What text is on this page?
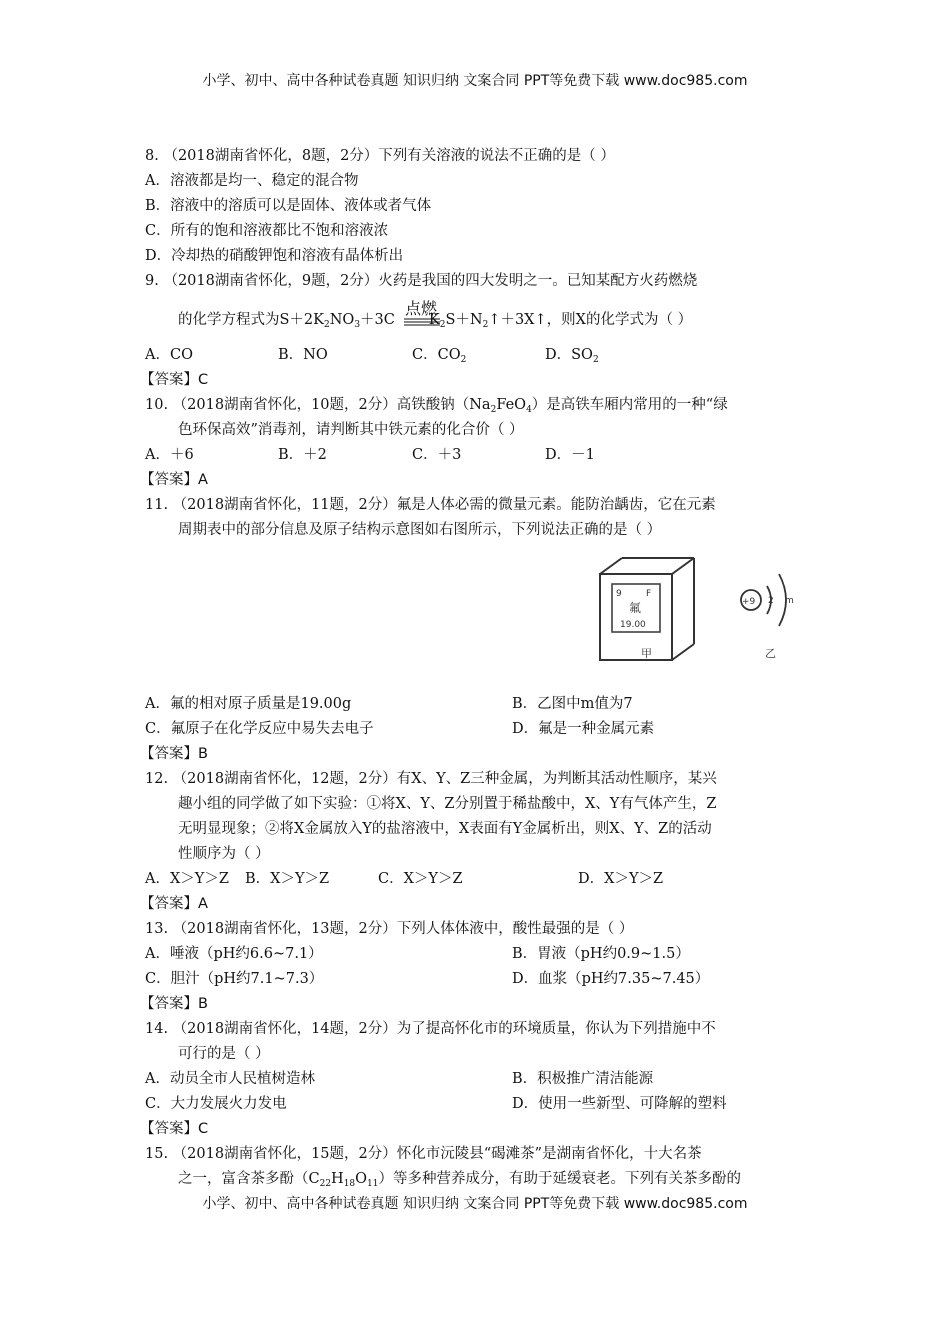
小学、初中、高中各种试卷真题 知识归纳 文案合同 PPT等免费下载 www.doc985.com
8. （2018湖南省怀化，8题，2分）下列有关溶液的说法不正确的是（ ）
A．溶液都是均一、稳定的混合物
B．溶液中的溶质可以是固体、液体或者气体
C．所有的饱和溶液都比不饱和溶液浓
D．冷却热的硝酸钾饱和溶液有晶体析出
9. （2018湖南省怀化，9题，2分）火药是我国的四大发明之一。已知某配方火药燃烧
的化学方程式为$S+2K_2NO_3+3C$ $K_2S+N_2↑+3X↑$，则X的化学式为（ ）
点燃
A．CO	B．NO	C．$CO_2$	D．$SO_2$
【答案】C
10. （2018湖南省怀化，10题，2分）高铁酸钠$(Na_2FeO_4)$是高铁车厢内常用的一种“绿
色环保高效”消毒剂，请判断其中铁元素的化合价（ ）
A．＋6	B．＋2	C．＋3	D．－1
【答案】A
11. （2018湖南省怀化，11题，2分）氟是人体必需的微量元素。能防治龋齿，它在元素
周期表中的部分信息及原子结构示意图如右图所示，下列说法正确的是（ ）
9	F
氟
19.00
+9 2 m
甲	乙
A．氟的相对原子质量是19.00g	B．乙图中m值为7
C．氟原子在化学反应中易失去电子	D．氟是一种金属元素
【答案】B
12. （2018湖南省怀化，12题，2分）有X、Y、Z三种金属，为判断其活动性顺序，某兴
趣小组的同学做了如下实验：①将X、Y、Z分别置于稀盐酸中，X、Y有气体产生，Z
无明显现象；②将X金属放入Y的盐溶液中，X表面有Y金属析出，则X、Y、Z的活动
性顺序为（ ）
A．X＞Y＞Z B．X＞Y＞Z	C．X＞Y＞Z	D．X＞Y＞Z
【答案】A
13. （2018湖南省怀化，13题，2分）下列人体体液中，酸性最强的是（ ）
A．唾液（pH约6.6~7.1）	B．胃液（pH约0.9~1.5）
C．胆汁（pH约7.1~7.3）	D．血浆（pH约7.35~7.45）
【答案】B
14. （2018湖南省怀化，14题，2分）为了提高怀化市的环境质量，你认为下列措施中不
可行的是（ ）
A．动员全市人民植树造林	B．积极推广清洁能源
C．大力发展火力发电	D．使用一些新型、可降解的塑料
【答案】C
15. （2018湖南省怀化，15题，2分）怀化市沅陵县“碣滩茶”是湖南省怀化，十大名茶
之一，富含茶多酚$(C_{22}H_{18}O_{11})$等多种营养成分，有助于延缓衰老。下列有关茶多酚的
小学、初中、高中各种试卷真题 知识归纳 文案合同 PPT等免费下载 www.doc985.com
